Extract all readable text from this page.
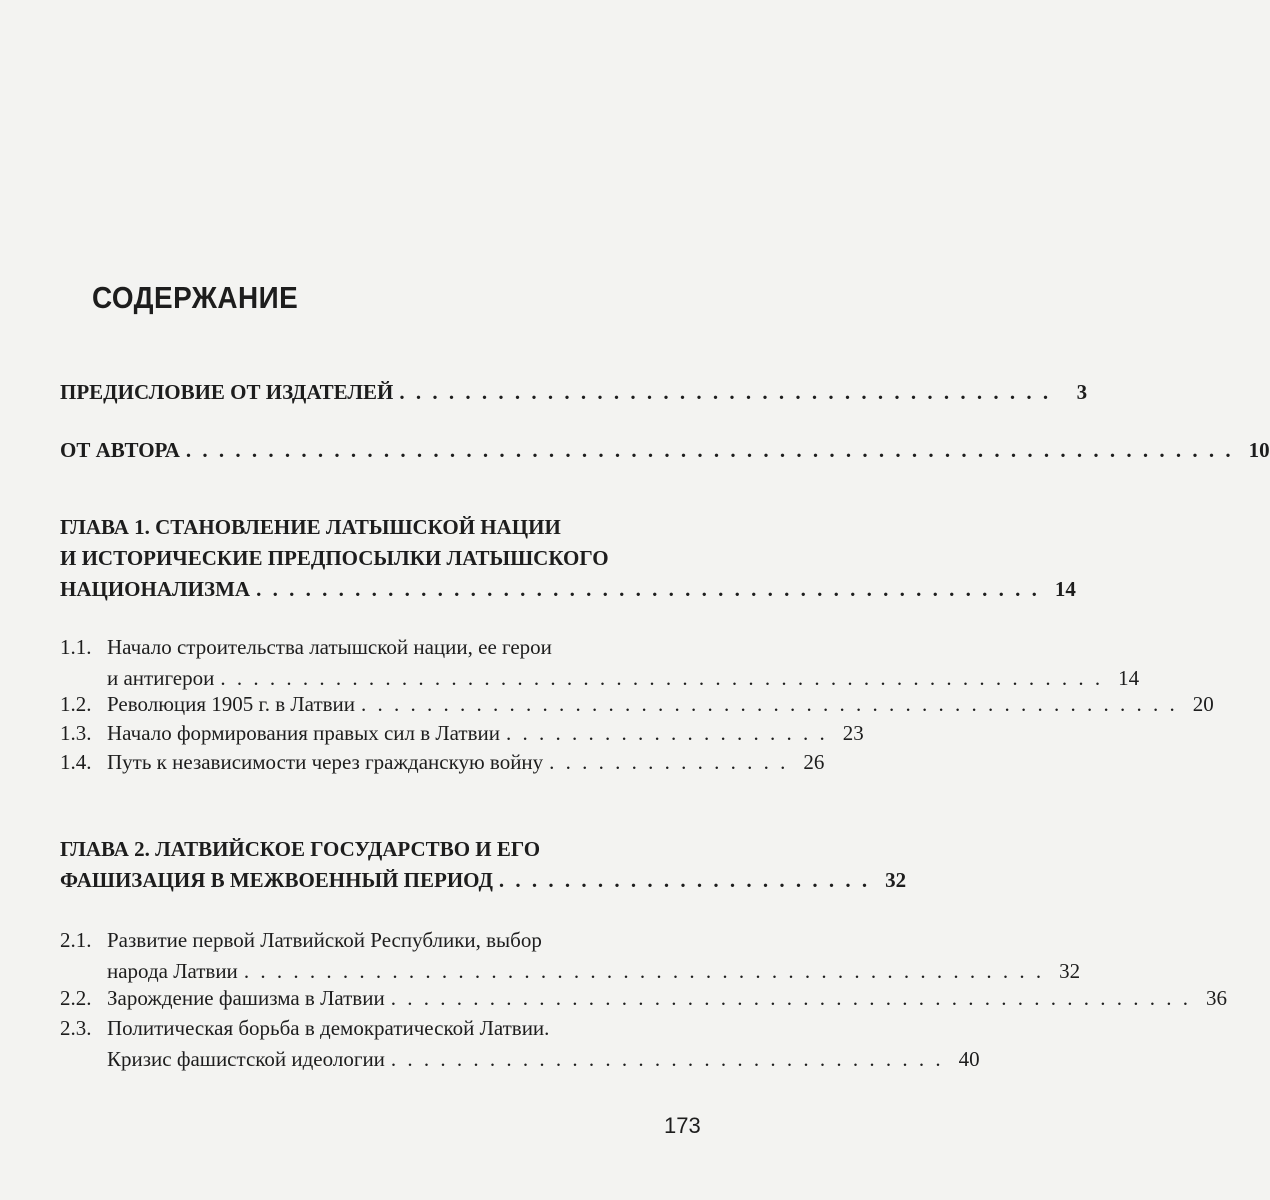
СОДЕРЖАНИЕ
ПРЕДИСЛОВИЕ ОТ ИЗДАТЕЛЕЙ . . . . . . . . . . . . . . . . . . . . . . . . . . . . . . . . . . . . . . . .	3
ОТ АВТОРА . . . . . . . . . . . . . . . . . . . . . . . . . . . . . . . . . . . . . . . . . . . . . . . . . . . . . . . . . . . . . . . . 10
ГЛАВА 1. СТАНОВЛЕНИЕ ЛАТЫШСКОЙ НАЦИИ
И ИСТОРИЧЕСКИЕ ПРЕДПОСЫЛКИ ЛАТЫШСКОГО
НАЦИОНАЛИЗМА . . . . . . . . . . . . . . . . . . . . . . . . . . . . . . . . . . . . . . . . . . . . . . . . 14
1.1. Начало строительства латышской нации, ее герои
и антигерои . . . . . . . . . . . . . . . . . . . . . . . . . . . . . . . . . . . . . . . . . . . . . . . . . . . . . . 14
1.2. Революция 1905 г. в Латвии . . . . . . . . . . . . . . . . . . . . . . . . . . . . . . . . . . . . . . . . . . . . . . . . . . 20
1.3. Начало формирования правых сил в Латвии . . . . . . . . . . . . . . . . . . . . 23
1.4. Путь к независимости через гражданскую войну . . . . . . . . . . . . . . . 26
ГЛАВА 2. ЛАТВИЙСКОЕ ГОСУДАРСТВО И ЕГО
ФАШИЗАЦИЯ В МЕЖВОЕННЫЙ ПЕРИОД . . . . . . . . . . . . . . . . . . . . . . . 32
2.1. Развитие первой Латвийской Республики, выбор
народа Латвии . . . . . . . . . . . . . . . . . . . . . . . . . . . . . . . . . . . . . . . . . . . . . . . . . 32
2.2. Зарождение фашизма в Латвии . . . . . . . . . . . . . . . . . . . . . . . . . . . . . . . . . . . . . . . . . . . . . . . . . 36
2.3. Политическая борьба в демократической Латвии.
Кризис фашистской идеологии . . . . . . . . . . . . . . . . . . . . . . . . . . . . . . . . . . 40
173
